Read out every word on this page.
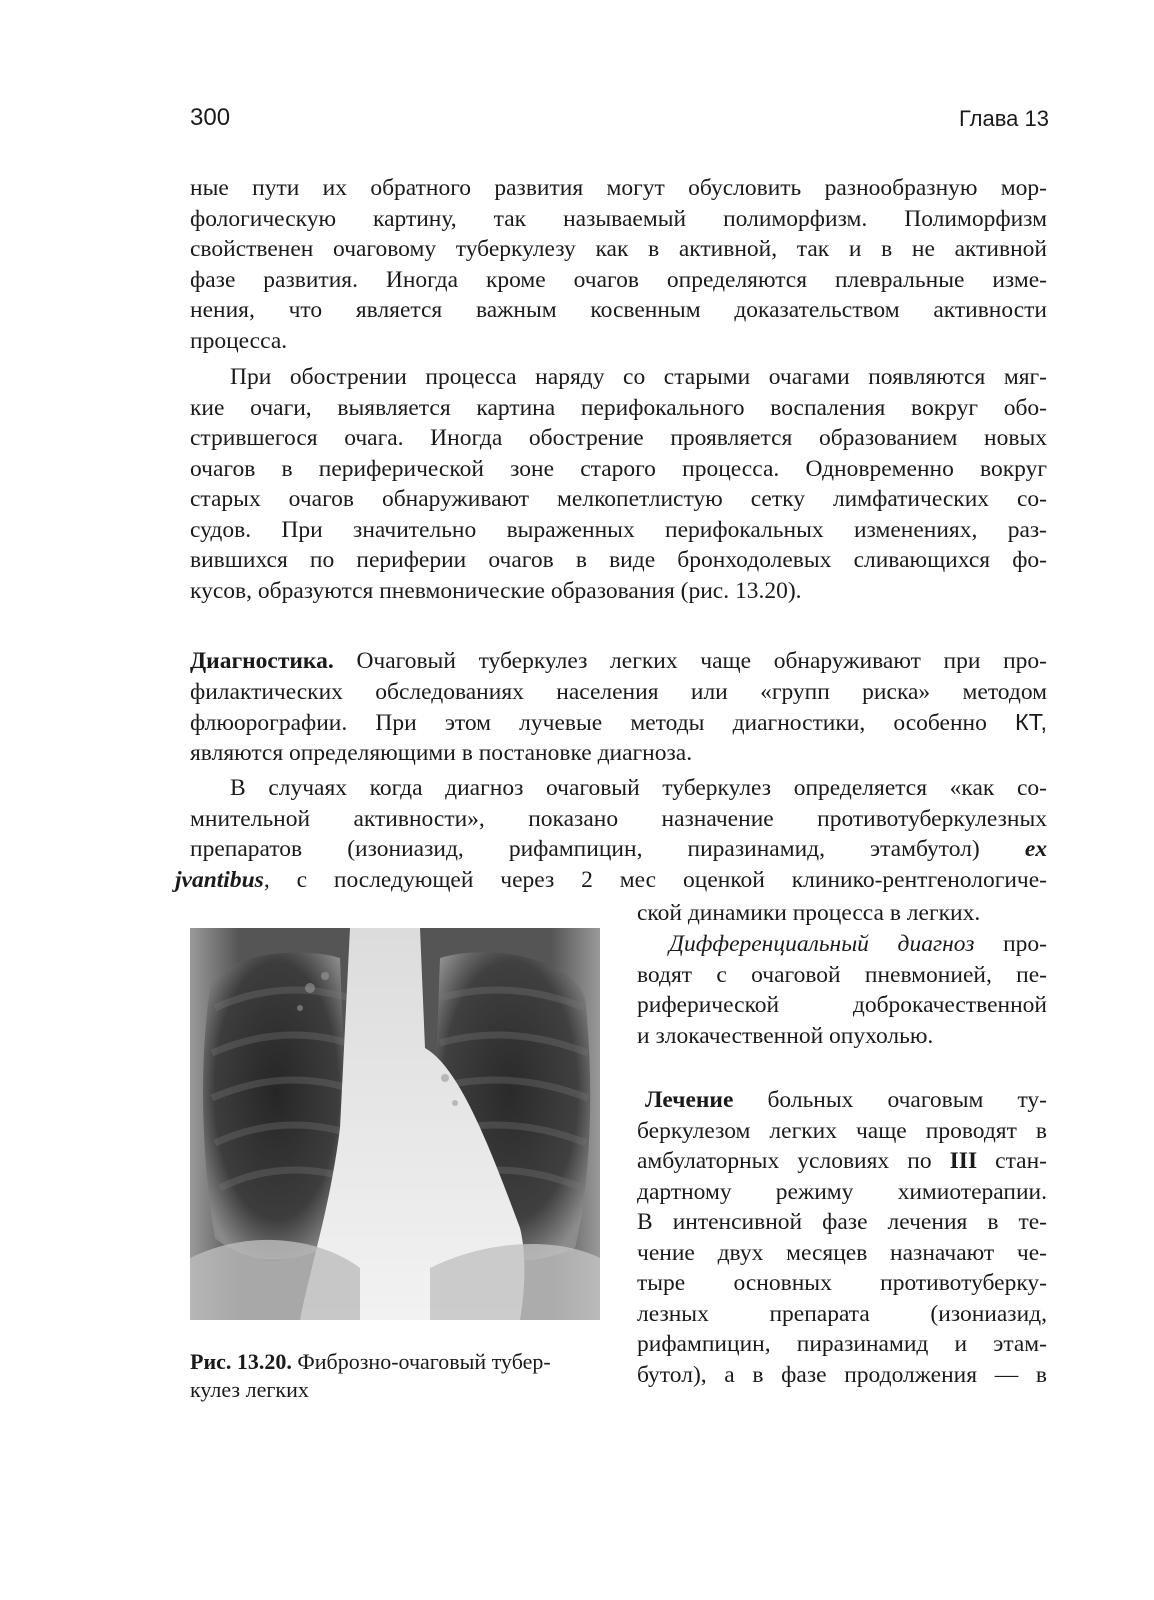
300	Глава 13
ные пути их обратного развития могут обусловить разнообразную мор-
фологическую картину, так называемый полиморфизм. Полиморфизм
свойственен очаговому туберкулезу как в активной, так и в не активной
фазе развития. Иногда кроме очагов определяются плевральные изме-
нения, что является важным косвенным доказательством активности
процесса.
При обострении процесса наряду со старыми очагами появляются мяг-
кие очаги, выявляется картина перифокального воспаления вокруг обо-
стрившегося очага. Иногда обострение проявляется образованием новых
очагов в периферической зоне старого процесса. Одновременно вокруг
старых очагов обнаруживают мелкопетлистую сетку лимфатических со-
судов. При значительно выраженных перифокальных изменениях, раз-
вившихся по периферии очагов в виде бронходолевых сливающихся фо-
кусов, образуются пневмонические образования (рис. 13.20).
Диагностика. Очаговый туберкулез легких чаще обнаруживают при про-
филактических обследованиях населения или «групп риска» методом
флюорографии. При этом лучевые методы диагностики, особенно КТ,
являются определяющими в постановке диагноза.
В случаях когда диагноз очаговый туберкулез определяется «как со-
мнительной активности», показано назначение противотуберкулезных
препаратов (изониазид, рифампицин, пиразинамид, этамбутол) ex
jvantibus, с последующей через 2 мес оценкой клинико-рентгенологиче-
ской динамики процесса в легких.
Дифференциальный диагноз про-
водят с очаговой пневмонией, пе-
риферической доброкачественной
и злокачественной опухолью.
Лечение больных очаговым ту-
беркулезом легких чаще проводят в
амбулаторных условиях по III стан-
дартному режиму химиотерапии.
В интенсивной фазе лечения в те-
чение двух месяцев назначают че-
тыре основных противотуберку-
лезных препарата (изониазид,
рифампицин, пиразинамид и этам-
бутол), а в фазе продолжения — в
Рис. 13.20. Фиброзно-очаговый тубер-
кулез легких
